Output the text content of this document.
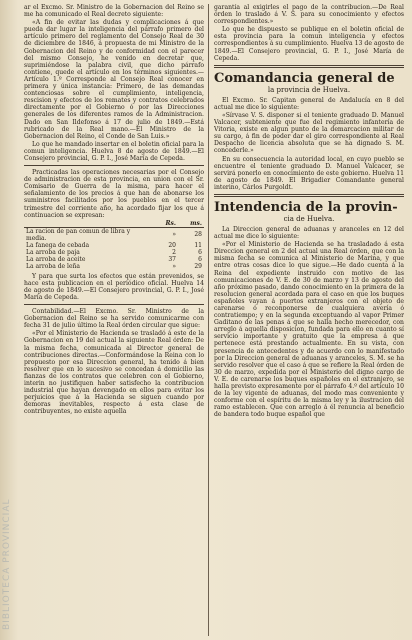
BIBLIOTECA PROVINCIAL

ar el Excmo. Sr. Ministro de la Gobernacion del Reino se me ha comunicado el Real decreto siguiente:

«A fin de evitar las dudas y complicaciones á que pueda dar lugar la inteligencia del párrafo primero del artículo primero del reglamento del Consejo Real de 30 de diciembre de 1846, á propuesta de mi Ministro de la Gobernacion del Reino y de conformidad con el parecer del mismo Consejo, he venido en decretar que, suprimiéndose la palabra civil, que dicho párrafo contiene, quede el artículo en los términos siguientes.—Artículo 1.º Corresponde al Consejo Real conocer en primera y única instancia: Primero, de las demandas contenciosas sobre el cumplimiento, inteligencia, rescision y efectos de los remates y contratos celebrados directamente por el Gobierno ó por las Direcciones generales de los diferentes ramos de la Administracion. Dado en San Ildefonso á 17 de julio de 1849.—Está rubricado de la Real mano.—El Ministro de la Gobernacion del Reino, el Conde de San Luis.»

Lo que he mandado insertar en el boletin oficial para la comun inteligencia. Huelva 8 de agosto de 1849.—El Consejero provincial, G. P. I., José María de Cepeda.

Practicadas las operaciones necesarias por el Consejo de administracion de esta provincia, en union con el Sr. Comisario de Guerra de la misma, para hacer el señalamiento de los precios á que han de abonarse los suministros facilitados por los pueblos en el tercer trimestre del corriente año, ha acordado fijar los que á continuacion se expresan:

	Rs.	ms.
La racion de pan comun de libra y media.	»	28
La fanega de cebada	20	11
La arroba de paja	2	6
La arroba de aceite	37	6
La arroba de leña	»	29

Y para que surta los efectos que están prevenidos, se hace esta publicacion en el periódico oficial. Huelva 14 de agosto de 1849.—El Consejero provincial, G. P. I., José María de Cepeda.

Contabilidad.—El Excmo. Sr. Ministro de la Gobernacion del Reino se ha servido comunicarme con fecha 31 de julio último la Real órden circular que sigue:

«Por el Ministerio de Hacienda se trasladó á este de la Gobernacion en 19 del actual la siguiente Real órden: De la misma fecha, comunicada al Director general de contribuciones directas.—Conformándose la Reina con lo propuesto por esa Direccion general, ha tenido á bien resolver que en lo sucesivo se concedan á domicilio las fianzas de los contratos que celebren con el Gobierno, interin no justifiquen haber satisfecho la contribucion industrial que hayan devengado en ellos para evitar los perjuicios que á la Hacienda se siguen cuando por demoras inevitables, respecto á esta clase de contribuyentes, no existe aquella

garantía al exigirles el pago de la contribucion.—De Real órden lo traslado á V. S. para su conocimiento y efectos correspondientes.»

Lo que he dispuesto se publique en el boletin oficial de esta provincia para la comun inteligencia y efectos correspondientes á su cumplimiento. Huelva 13 de agosto de 1849.—El Consejero provincial, G. P. I., José María de Cepeda.

Comandancia general de

la provincia de Huelva.

El Excmo. Sr. Capitan general de Andalucía en 8 del actual me dice lo siguiente:

«Sírvase V. S. disponer si el teniente graduado D. Manuel Valcacer, subteniente que fue del regimiento infantería de Vitoria, existe en algun punto de la demarcacion militar de su cargo, á fin de poder dar el giro correspondiente al Real Despacho de licencia absoluta que se ha dignado S. M. concederle.»

En su consecuencia la autoridad local, en cuyo pueblo se encuentre el teniente graduado D. Manuel Valcacer, se servirá ponerlo en conocimiento de este gobierno. Huelva 11 de agosto de 1849. El Brigadier Comandante general interino, Cárlos Purgoldt.

Intendencia de la provin-

cia de Huelva.

La Direccion general de aduanas y aranceles en 12 del actual me dice lo siguiente:

«Por el Ministerio de Hacienda se ha trasladado á esta Direccion general en 2 del actual una Real órden, que con la misma fecha se comunica al Ministerio de Marina, y que entre otras cosas dice lo que sigue.—He dado cuenta á la Reina del expediente instruido con motivo de las comunicaciones de V. E. de 30 de marzo y 13 de agosto del año próximo pasado, dando conocimiento en la primera de la resolucion general acordada para el caso en que los buques españoles vayan á puertos extranjeros con el objeto de carenarse ó reconponerse de cualquiera avería ó contratiempo; y en la segunda exceptuando al vapor Primer Gaditano de las penas á que se halla hecho merecedor, con arreglo á aquella disposicion, fundada para ello en cuanto sí servicio importante y gratuito que la empresa á que pertenece está prestando actualmente. En su vista, con presencia de antecedentes y de acuerdo con lo manifestado por la Direccion general de aduanas y aranceles, S. M. se ha servido resolver que el caso á que se refiere la Real órden de 30 de marzo, expedida por el Ministerio del digno cargo de V. E. de carenarse los buques españoles en el extranjero, se halla previsto expresamente por el párrafo 4.º del artículo 10 de la ley vigente de aduanas, del modo mas conveniente y conforme con el espíritu de la misma ley y la ilustracion del ramo establecen. Que con arreglo á él renuncia al beneficio de bandera todo buque español que
